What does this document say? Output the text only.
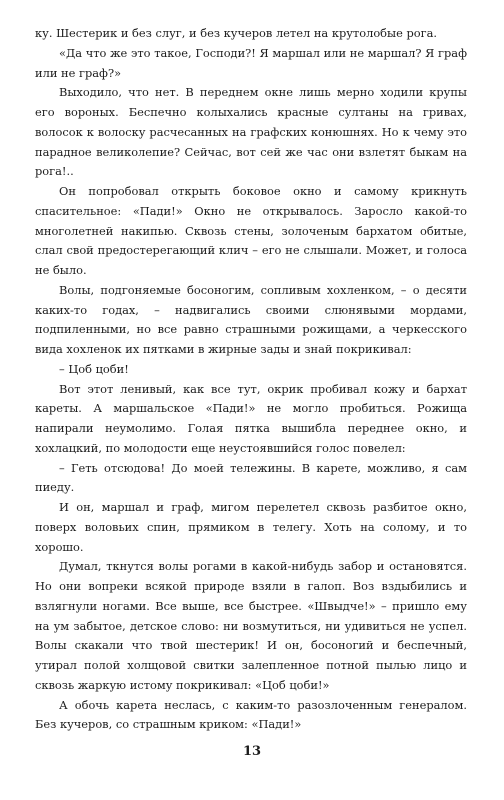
ку. Шестерик и без слуг, и без кучеров летел на крутолобые рога.

«Да что же это такое, Господи?! Я маршал или не маршал? Я граф или не граф?»

Выходило, что нет. В переднем окне лишь мерно ходили крупы его вороных. Беспечно колыхались красные султаны на гривах, волосок к волоску расчесанных на графских конюшнях. Но к чему это парадное великолепие? Сейчас, вот сей же час они взлетят быкам на рога!..

Он попробовал открыть боковое окно и самому крикнуть спасительное: «Пади!» Окно не открывалось. Заросло какой-то многолетней накипью. Сквозь стены, золоченым бархатом обитые, слал свой предостерегающий клич – его не слышали. Может, и голоса не было.

Волы, подгоняемые босоногим, сопливым хохленком, – о десяти каких-то годах, – надвигались своими слюнявыми мордами, подпиленными, но все равно страшными рожищами, а черкесского вида хохленок их пятками в жирные зады и знай покрикивал:

– Цоб цоби!

Вот этот ленивый, как все тут, окрик пробивал кожу и бархат кареты. А маршальское «Пади!» не могло пробиться. Рожища напирали неумолимо. Голая пятка вышибла переднее окно, и хохлацкий, по молодости еще неустоявшийся голос повелел:

– Геть отсюдова! До моей тележины. В карете, можливо, я сам пиеду.

И он, маршал и граф, мигом перелетел сквозь разбитое окно, поверх воловьих спин, прямиком в телегу. Хоть на солому, и то хорошо.

Думал, ткнутся волы рогами в какой-нибудь забор и остановятся. Но они вопреки всякой природе взяли в галоп. Воз вздыбились и взлягнули ногами. Все выше, все быстрее. «Швыдче!» – пришло ему на ум забытое, детское слово: ни возмутиться, ни удивиться не успел. Волы скакали что твой шестерик! И он, босоногий и беспечный, утирал полой холщовой свитки залепленное потной пылью лицо и сквозь жаркую истому покрикивал: «Цоб цоби!»

А обочь карета неслась, с каким-то разозлоченным генералом. Без кучеров, со страшным криком: «Пади!»

13
